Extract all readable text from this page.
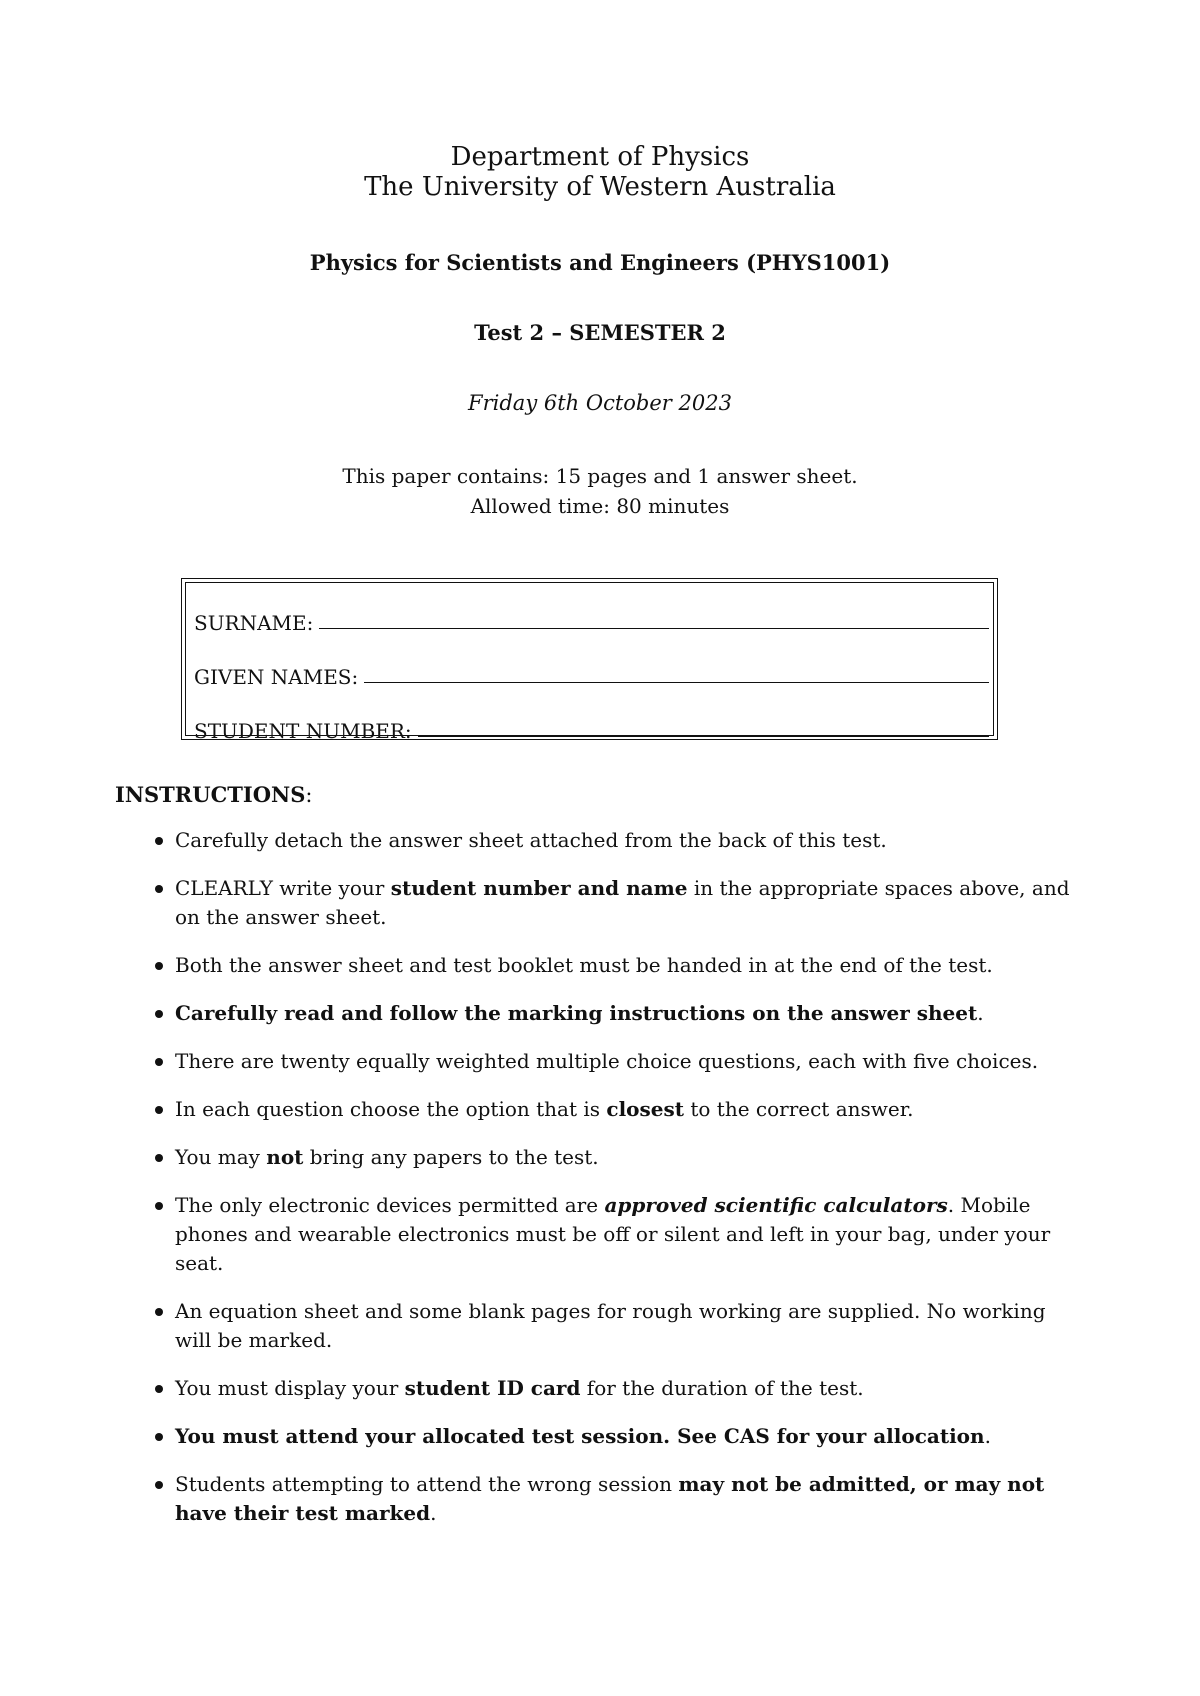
Department of Physics
The University of Western Australia
Physics for Scientists and Engineers (PHYS1001)
Test 2 – SEMESTER 2
Friday 6th October 2023
This paper contains: 15 pages and 1 answer sheet.
Allowed time: 80 minutes
SURNAME:
GIVEN NAMES:
STUDENT NUMBER:
INSTRUCTIONS:
Carefully detach the answer sheet attached from the back of this test.
CLEARLY write your student number and name in the appropriate spaces above, and on the answer sheet.
Both the answer sheet and test booklet must be handed in at the end of the test.
Carefully read and follow the marking instructions on the answer sheet.
There are twenty equally weighted multiple choice questions, each with five choices.
In each question choose the option that is closest to the correct answer.
You may not bring any papers to the test.
The only electronic devices permitted are approved scientific calculators. Mobile phones and wearable electronics must be off or silent and left in your bag, under your seat.
An equation sheet and some blank pages for rough working are supplied. No working will be marked.
You must display your student ID card for the duration of the test.
You must attend your allocated test session. See CAS for your allocation.
Students attempting to attend the wrong session may not be admitted, or may not have their test marked.
